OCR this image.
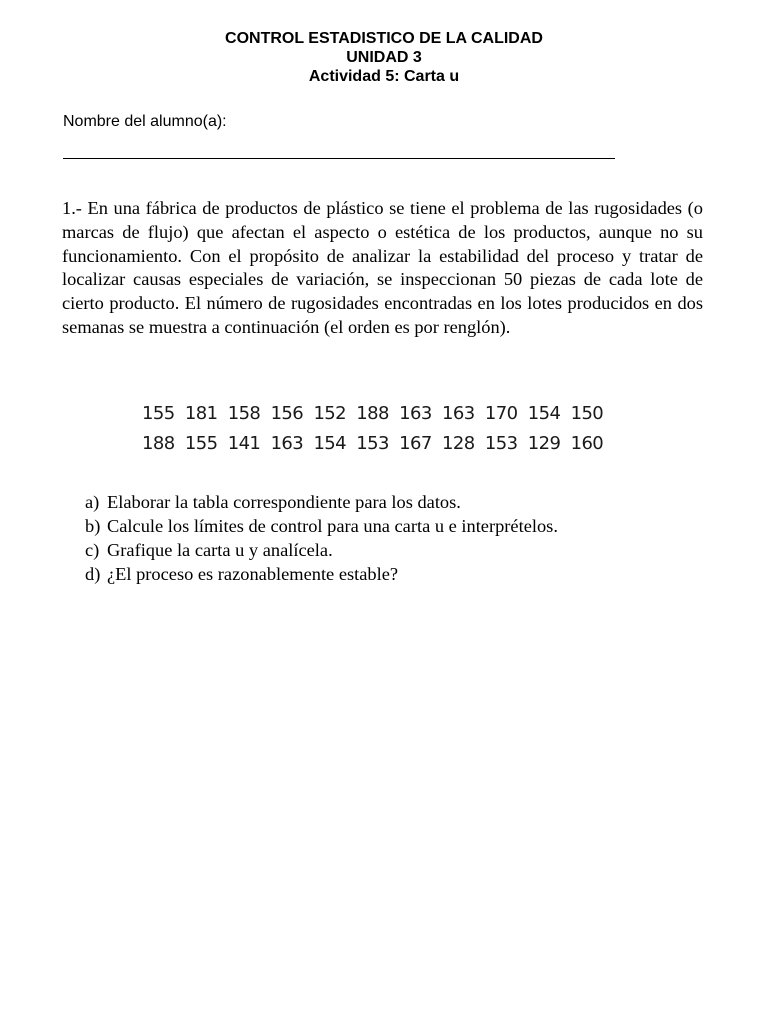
CONTROL ESTADISTICO DE LA CALIDAD
UNIDAD 3
Actividad 5: Carta u
Nombre del alumno(a):

1.- En una fábrica de productos de plástico se tiene el problema de las rugosidades (o marcas de flujo) que afectan el aspecto o estética de los productos, aunque no su funcionamiento. Con el propósito de analizar la estabilidad del proceso y tratar de localizar causas especiales de variación, se inspeccionan 50 piezas de cada lote de cierto producto. El número de rugosidades encontradas en los lotes producidos en dos semanas se muestra a continuación (el orden es por renglón).

155 181 158 156 152 188 163 163 170 154 150
188 155 141 163 154 153 167 128 153 129 160
a) Elaborar la tabla correspondiente para los datos.
b) Calcule los límites de control para una carta u e interprételos.
c) Grafique la carta u y analícela.
d) ¿El proceso es razonablemente estable?
